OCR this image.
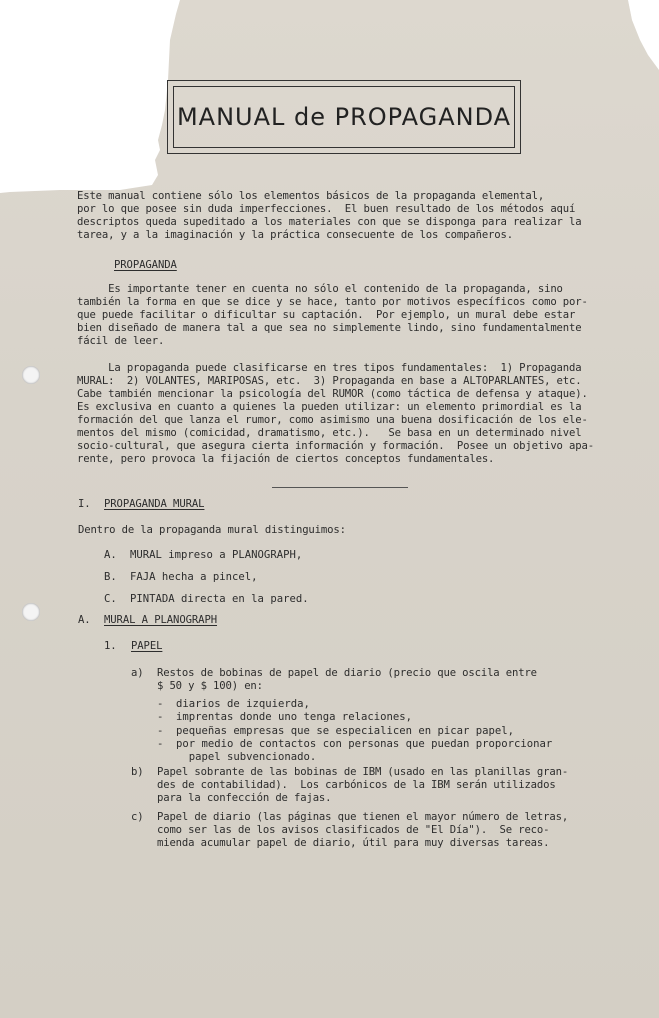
MANUAL de PROPAGANDA
Este manual contiene sólo los elementos básicos de la propaganda elemental,
por lo que posee sin duda imperfecciones.  El buen resultado de los métodos aquí
descriptos queda supeditado a los materiales con que se disponga para realizar la
tarea, y a la imaginación y la práctica consecuente de los compañeros.
PROPAGANDA
Es importante tener en cuenta no sólo el contenido de la propaganda, sino
también la forma en que se dice y se hace, tanto por motivos específicos como por-
que puede facilitar o dificultar su captación.  Por ejemplo, un mural debe estar
bien diseñado de manera tal a que sea no simplemente lindo, sino fundamentalmente
fácil de leer.
La propaganda puede clasificarse en tres tipos fundamentales:  1) Propaganda
MURAL:  2) VOLANTES, MARIPOSAS, etc.  3) Propaganda en base a ALTOPARLANTES, etc.
Cabe también mencionar la psicología del RUMOR (como táctica de defensa y ataque).
Es exclusiva en cuanto a quienes la pueden utilizar: un elemento primordial es la
formación del que lanza el rumor, como asimismo una buena dosificación de los ele-
mentos del mismo (comicidad, dramatismo, etc.).   Se basa en un determinado nivel
socio-cultural, que asegura cierta información y formación.  Posee un objetivo apa-
rente, pero provoca la fijación de ciertos conceptos fundamentales.
I. PROPAGANDA MURAL
Dentro de la propaganda mural distinguimos:
A. MURAL impreso a PLANOGRAPH,
B. FAJA hecha a pincel,
C. PINTADA directa en la pared.
A. MURAL A PLANOGRAPH
1. PAPEL
a) Restos de bobinas de papel de diario (precio que oscila entre
$ 50 y $ 100) en:
- diarios de izquierda,
- imprentas donde uno tenga relaciones,
- pequeñas empresas que se especialicen en picar papel,
- por medio de contactos con personas que puedan proporcionar
papel subvencionado.
b) Papel sobrante de las bobinas de IBM (usado en las planillas gran-
des de contabilidad).  Los carbónicos de la IBM serán utilizados
para la confección de fajas.
c) Papel de diario (las páginas que tienen el mayor número de letras,
como ser las de los avisos clasificados de "El Día").  Se reco-
mienda acumular papel de diario, útil para muy diversas tareas.
